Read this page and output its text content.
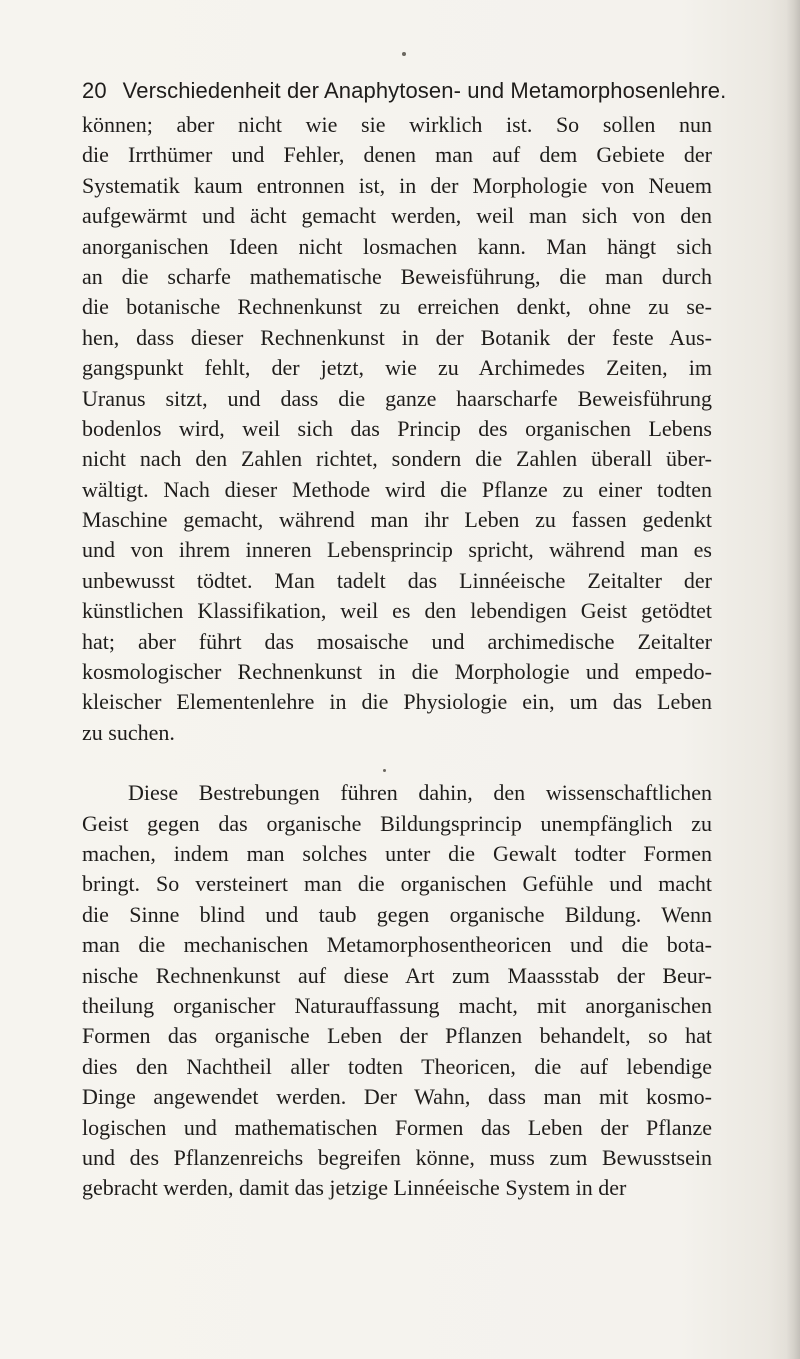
20 Verschiedenheit der Anaphytosen- und Metamorphosenlehre.
können; aber nicht wie sie wirklich ist. So sollen nun
die Irrthümer und Fehler, denen man auf dem Gebiete der
Systematik kaum entronnen ist, in der Morphologie von Neuem
aufgewärmt und ächt gemacht werden, weil man sich von den
anorganischen Ideen nicht losmachen kann. Man hängt sich
an die scharfe mathematische Beweisführung, die man durch
die botanische Rechnenkunst zu erreichen denkt, ohne zu se-
hen, dass dieser Rechnenkunst in der Botanik der feste Aus-
gangspunkt fehlt, der jetzt, wie zu Archimedes Zeiten, im
Uranus sitzt, und dass die ganze haarscharfe Beweisführung
bodenlos wird, weil sich das Princip des organischen Lebens
nicht nach den Zahlen richtet, sondern die Zahlen überall über-
wältigt. Nach dieser Methode wird die Pflanze zu einer todten
Maschine gemacht, während man ihr Leben zu fassen gedenkt
und von ihrem inneren Lebensprincip spricht, während man es
unbewusst tödtet. Man tadelt das Linnéeische Zeitalter der
künstlichen Klassifikation, weil es den lebendigen Geist getödtet
hat; aber führt das mosaische und archimedische Zeitalter
kosmologischer Rechnenkunst in die Morphologie und empedo-
kleischer Elementenlehre in die Physiologie ein, um das Leben
zu suchen.
Diese Bestrebungen führen dahin, den wissenschaftlichen
Geist gegen das organische Bildungsprincip unempfänglich zu
machen, indem man solches unter die Gewalt todter Formen
bringt. So versteinert man die organischen Gefühle und macht
die Sinne blind und taub gegen organische Bildung. Wenn
man die mechanischen Metamorphosentheoricen und die bota-
nische Rechnenkunst auf diese Art zum Maassstab der Beur-
theilung organischer Naturauffassung macht, mit anorganischen
Formen das organische Leben der Pflanzen behandelt, so hat
dies den Nachtheil aller todten Theoricen, die auf lebendige
Dinge angewendet werden. Der Wahn, dass man mit kosmo-
logischen und mathematischen Formen das Leben der Pflanze
und des Pflanzenreichs begreifen könne, muss zum Bewusstsein
gebracht werden, damit das jetzige Linnéeische System in der
